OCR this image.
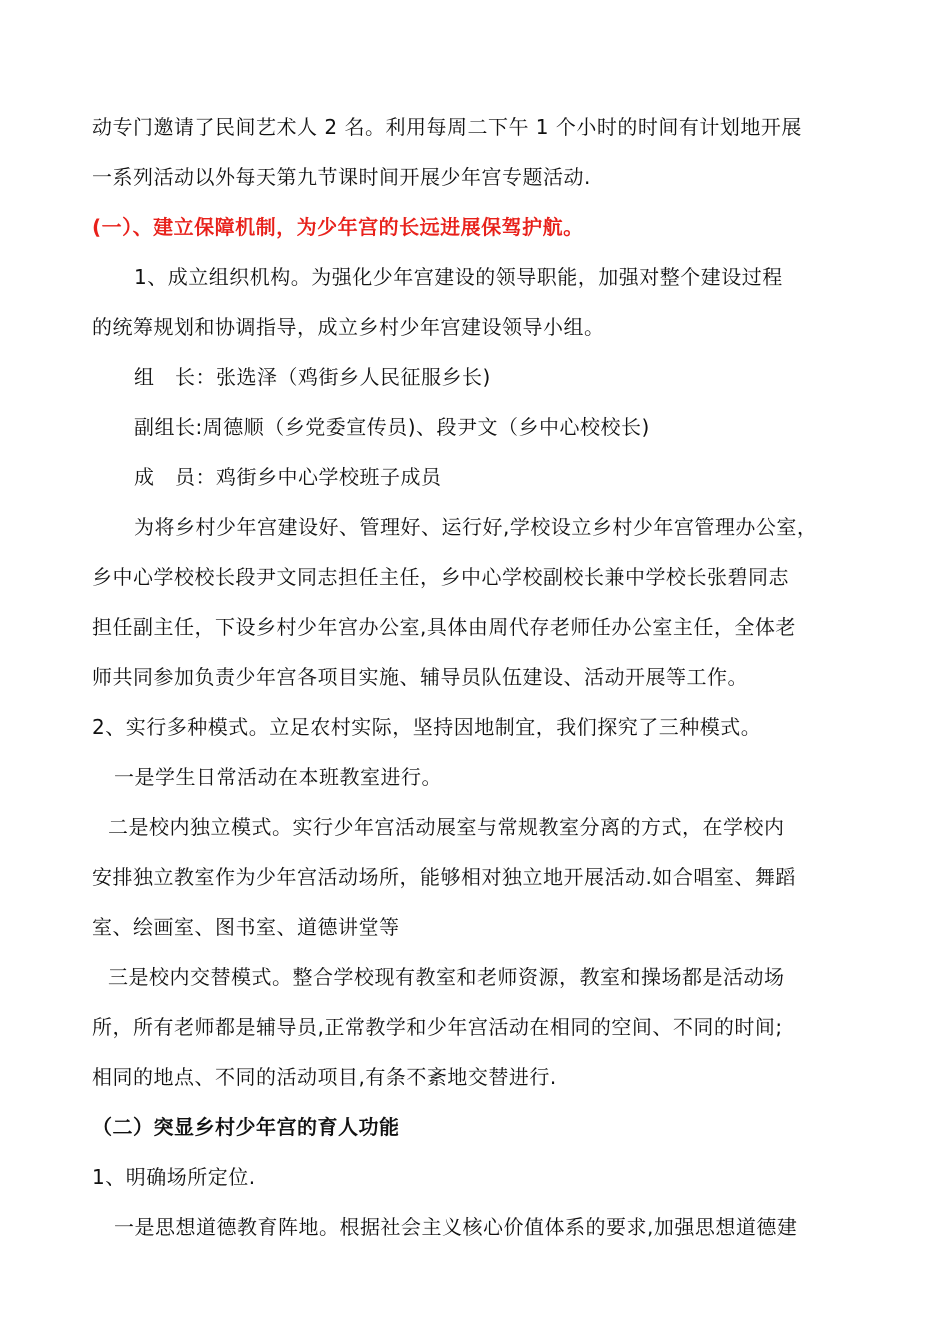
动专门邀请了民间艺术人 2 名。利用每周二下午 1 个小时的时间有计划地开展
一系列活动以外每天第九节课时间开展少年宫专题活动.
(一）、建立保障机制，为少年宫的长远进展保驾护航。
1、成立组织机构。为强化少年宫建设的领导职能，加强对整个建设过程
的统筹规划和协调指导，成立乡村少年宫建设领导小组。
组　长：张选泽（鸡街乡人民征服乡长)
副组长:周德顺（乡党委宣传员)、段尹文（乡中心校校长)
成　员：鸡街乡中心学校班子成员
为将乡村少年宫建设好、管理好、运行好,学校设立乡村少年宫管理办公室，
乡中心学校校长段尹文同志担任主任，乡中心学校副校长兼中学校长张碧同志
担任副主任，下设乡村少年宫办公室,具体由周代存老师任办公室主任，全体老
师共同参加负责少年宫各项目实施、辅导员队伍建设、活动开展等工作。
2、实行多种模式。立足农村实际，坚持因地制宜，我们探究了三种模式。
一是学生日常活动在本班教室进行。
二是校内独立模式。实行少年宫活动展室与常规教室分离的方式，在学校内
安排独立教室作为少年宫活动场所，能够相对独立地开展活动.如合唱室、舞蹈
室、绘画室、图书室、道德讲堂等
三是校内交替模式。整合学校现有教室和老师资源，教室和操场都是活动场
所，所有老师都是辅导员,正常教学和少年宫活动在相同的空间、不同的时间;
相同的地点、不同的活动项目,有条不紊地交替进行.
（二）突显乡村少年宫的育人功能
1、明确场所定位.
一是思想道德教育阵地。根据社会主义核心价值体系的要求,加强思想道德建
